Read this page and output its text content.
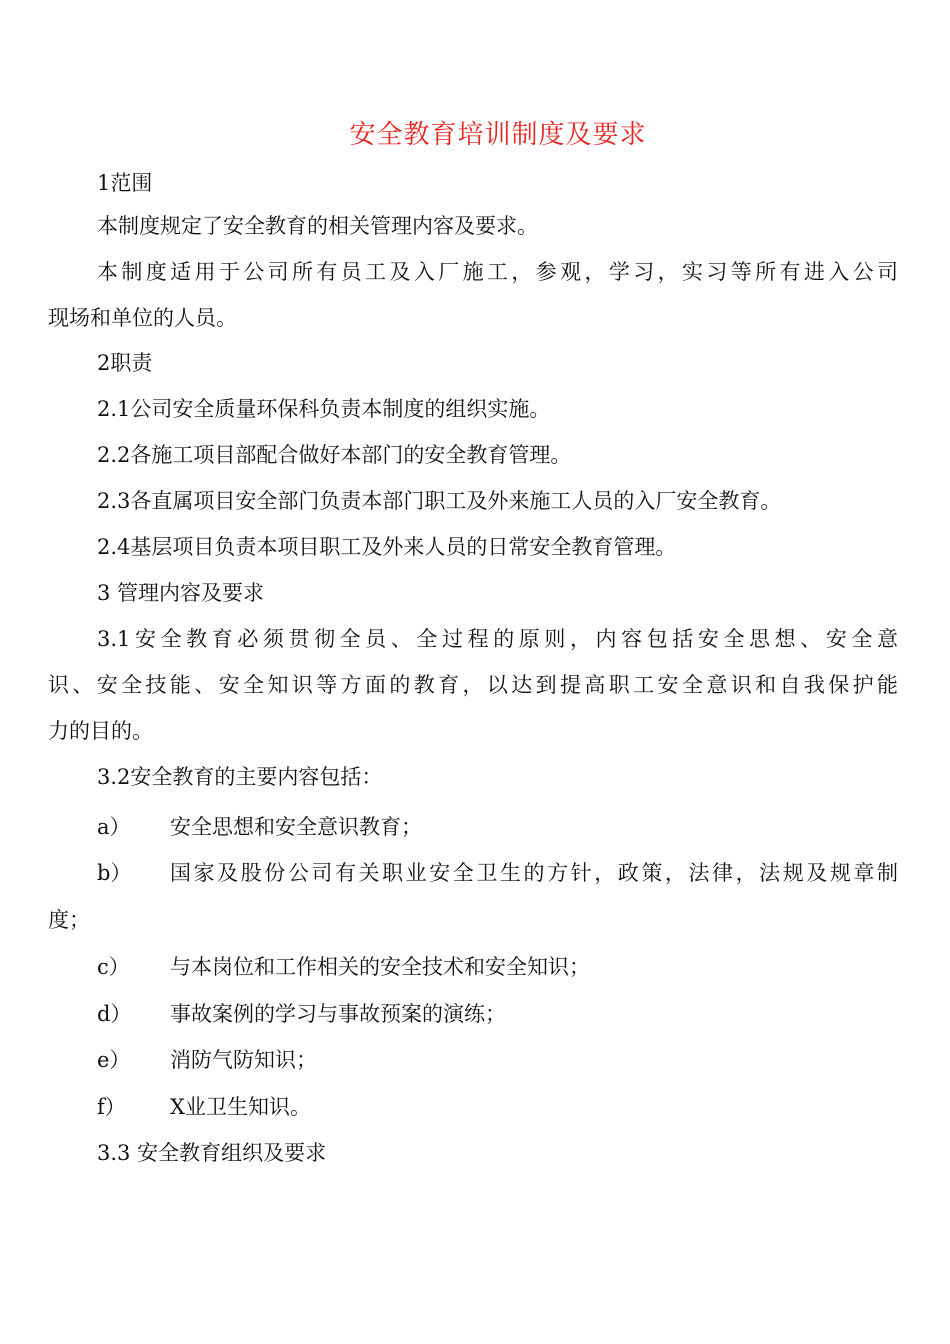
安全教育培训制度及要求
1范围
本制度规定了安全教育的相关管理内容及要求。
本制度适用于公司所有员工及入厂施工，参观，学习，实习等所有进入公司
现场和单位的人员。
2职责
2.1公司安全质量环保科负责本制度的组织实施。
2.2各施工项目部配合做好本部门的安全教育管理。
2.3各直属项目安全部门负责本部门职工及外来施工人员的入厂安全教育。
2.4基层项目负责本项目职工及外来人员的日常安全教育管理。
3 管理内容及要求
3.1安全教育必须贯彻全员、全过程的原则，内容包括安全思想、安全意
识、安全技能、安全知识等方面的教育，以达到提高职工安全意识和自我保护能
力的目的。
3.2安全教育的主要内容包括：
a） 安全思想和安全意识教育；
b） 国家及股份公司有关职业安全卫生的方针，政策，法律，法规及规章制
度；
c） 与本岗位和工作相关的安全技术和安全知识；
d） 事故案例的学习与事故预案的演练；
e） 消防气防知识；
f） X业卫生知识。
3.3 安全教育组织及要求
